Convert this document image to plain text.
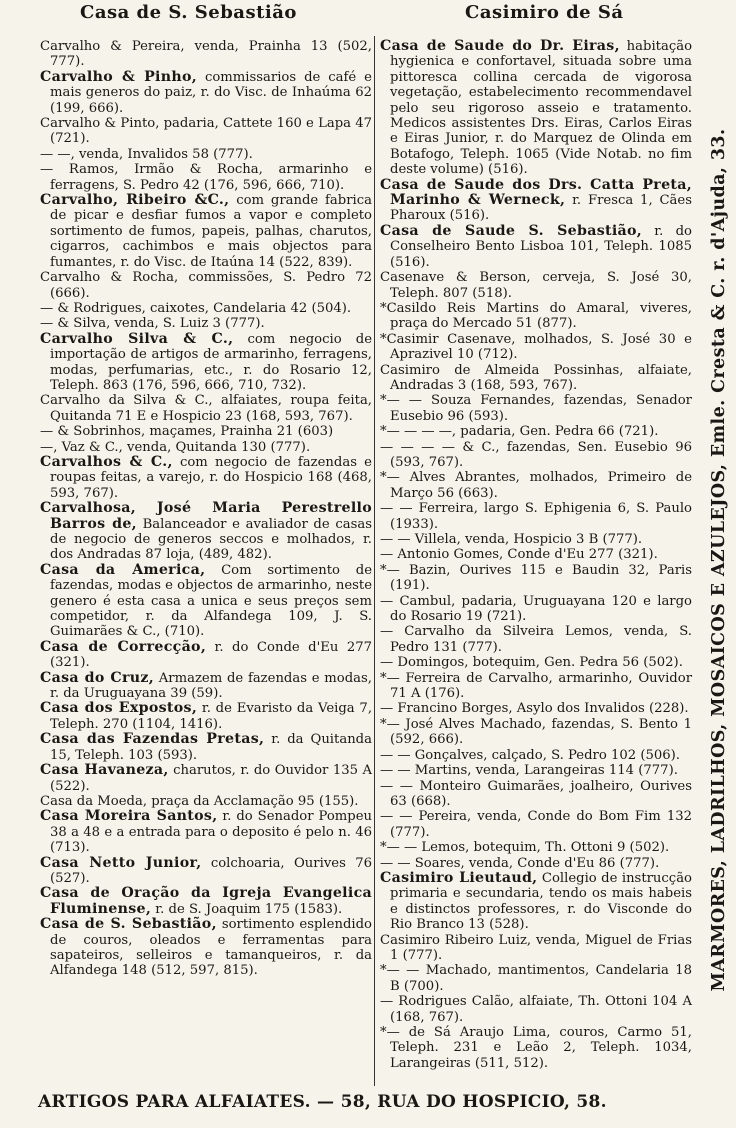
Casa de S. Sebastião	Casimiro de Sá

Carvalho & Pereira, venda, Prainha 13 (502, 777).

Carvalho & Pinho, commissarios de café e mais generos do paiz, r. do Visc. de Inhaúma 62 (199, 666).

Carvalho & Pinto, padaria, Cattete 160 e Lapa 47 (721).

— —, venda, Invalidos 58 (777).

— Ramos, Irmão & Rocha, armarinho e ferragens, S. Pedro 42 (176, 596, 666, 710).

Carvalho, Ribeiro &C., com grande fabrica de picar e desfiar fumos a vapor e completo sortimento de fumos, papeis, palhas, charutos, cigarros, cachimbos e mais objectos para fumantes, r. do Visc. de Itaúna 14 (522, 839).

Carvalho & Rocha, commissões, S. Pedro 72 (666).

— & Rodrigues, caixotes, Candelaria 42 (504).

— & Silva, venda, S. Luiz 3 (777).

Carvalho Silva & C., com negocio de importação de artigos de armarinho, ferragens, modas, perfumarias, etc., r. do Rosario 12, Teleph. 863 (176, 596, 666, 710, 732).

Carvalho da Silva & C., alfaiates, roupa feita, Quitanda 71 E e Hospicio 23 (168, 593, 767).

— & Sobrinhos, maçames, Prainha 21 (603)

—, Vaz & C., venda, Quitanda 130 (777).

Carvalhos & C., com negocio de fazendas e roupas feitas, a varejo, r. do Hospicio 168 (468, 593, 767).

Carvalhosa, José Maria Perestrello Barros de, Balanceador e avaliador de casas de negocio de generos seccos e molhados, r. dos Andradas 87 loja, (489, 482).

Casa da America, Com sortimento de fazendas, modas e objectos de armarinho, neste genero é esta casa a unica e seus preços sem competidor, r. da Alfandega 109, J. S. Guimarães & C., (710).

Casa de Correcção, r. do Conde d'Eu 277 (321).

Casa do Cruz, Armazem de fazendas e modas, r. da Uruguayana 39 (59).

Casa dos Expostos, r. de Evaristo da Veiga 7, Teleph. 270 (1104, 1416).

Casa das Fazendas Pretas, r. da Quitanda 15, Teleph. 103 (593).

Casa Havaneza, charutos, r. do Ouvidor 135 A (522).

Casa da Moeda, praça da Acclamação 95 (155).

Casa Moreira Santos, r. do Senador Pompeu 38 a 48 e a entrada para o deposito é pelo n. 46 (713).

Casa Netto Junior, colchoaria, Ourives 76 (527).

Casa de Oração da Igreja Evangelica Fluminense, r. de S. Joaquim 175 (1583).

Casa de S. Sebastião, sortimento esplendido de couros, oleados e ferramentas para sapateiros, selleiros e tamanqueiros, r. da Alfandega 148 (512, 597, 815).

Casa de Saude do Dr. Eiras, habitação hygienica e confortavel, situada sobre uma pittoresca collina cercada de vigorosa vegetação, estabelecimento recommendavel pelo seu rigoroso asseio e tratamento. Medicos assistentes Drs. Eiras, Carlos Eiras e Eiras Junior, r. do Marquez de Olinda em Botafogo, Teleph. 1065 (Vide Notab. no fim deste volume) (516).

Casa de Saude dos Drs. Catta Preta, Marinho & Werneck, r. Fresca 1, Cães Pharoux (516).

Casa de Saude S. Sebastião, r. do Conselheiro Bento Lisboa 101, Teleph. 1085 (516).

Casenave & Berson, cerveja, S. José 30, Teleph. 807 (518).

*Casildo Reis Martins do Amaral, viveres, praça do Mercado 51 (877).

*Casimir Casenave, molhados, S. José 30 e Aprazivel 10 (712).

Casimiro de Almeida Possinhas, alfaiate, Andradas 3 (168, 593, 767).

*— — Souza Fernandes, fazendas, Senador Eusebio 96 (593).

*— — — —, padaria, Gen. Pedra 66 (721).

— — — — & C., fazendas, Sen. Eusebio 96 (593, 767).

*— Alves Abrantes, molhados, Primeiro de Março 56 (663).

— — Ferreira, largo S. Ephigenia 6, S. Paulo (1933).

— — Villela, venda, Hospicio 3 B (777).

— Antonio Gomes, Conde d'Eu 277 (321).

*— Bazin, Ourives 115 e Baudin 32, Paris (191).

— Cambul, padaria, Uruguayana 120 e largo do Rosario 19 (721).

— Carvalho da Silveira Lemos, venda, S. Pedro 131 (777).

— Domingos, botequim, Gen. Pedra 56 (502).

*— Ferreira de Carvalho, armarinho, Ouvidor 71 A (176).

— Francino Borges, Asylo dos Invalidos (228).

*— José Alves Machado, fazendas, S. Bento 1 (592, 666).

— — Gonçalves, calçado, S. Pedro 102 (506).

— — Martins, venda, Larangeiras 114 (777).

— — Monteiro Guimarães, joalheiro, Ourives 63 (668).

— — Pereira, venda, Conde do Bom Fim 132 (777).

*— — Lemos, botequim, Th. Ottoni 9 (502).

— — Soares, venda, Conde d'Eu 86 (777).

Casimiro Lieutaud, Collegio de instrucção primaria e secundaria, tendo os mais habeis e distinctos professores, r. do Visconde do Rio Branco 13 (528).

Casimiro Ribeiro Luiz, venda, Miguel de Frias 1 (777).

*— — Machado, mantimentos, Candelaria 18 B (700).

— Rodrigues Calão, alfaiate, Th. Ottoni 104 A (168, 767).

*— de Sá Araujo Lima, couros, Carmo 51, Teleph. 231 e Leão 2, Teleph. 1034, Larangeiras (511, 512).

MARMORES, LADRILHOS, MOSAICOS E AZULEJOS, Emle. Cresta & C. r. d'Ajuda, 33.
ARTIGOS PARA ALFAIATES. — 58, RUA DO HOSPICIO, 58.
